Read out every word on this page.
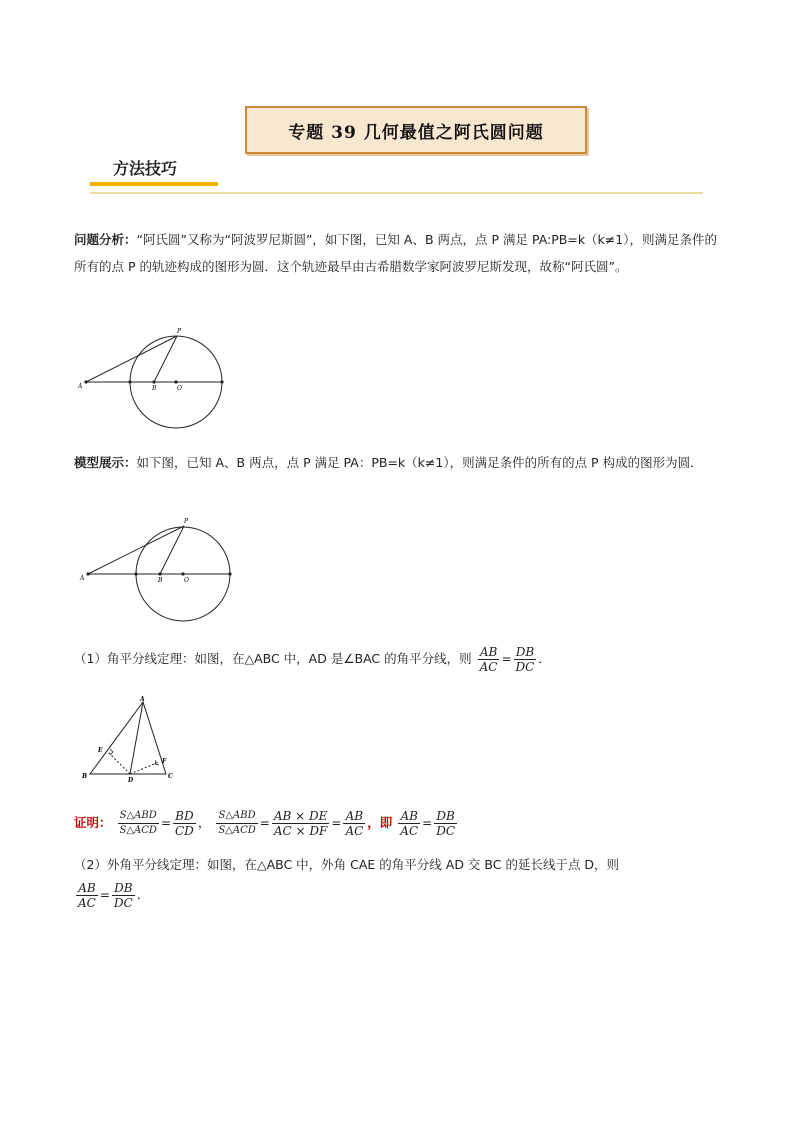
专题 39 几何最值之阿氏圆问题
方法技巧
问题分析：“阿氏圆”又称为“阿波罗尼斯圆”，如下图，已知 A、B 两点，点 P 满足 PA:PB=k（k≠1），则满足条件的所有的点 P 的轨迹构成的图形为圆．这个轨迹最早由古希腊数学家阿波罗尼斯发现，故称“阿氏圆”。
P
A	B	O
模型展示：如下图，已知 A、B 两点，点 P 满足 PA：PB=k（k≠1），则满足条件的所有的点 P 构成的图形为圆．
P
A	B	O
（1）角平分线定理：如图，在△ABC 中，AD 是∠BAC 的角平分线，则 $\frac{AB}{AC} = \frac{DB}{DC}$ ．
A
B	C
D
E
F
证明： $\frac{\text{S△ABD}}{\text{S△ACD}} = \frac{BD}{CD}$ ， $\frac{\text{S△ABD}}{\text{S△ACD}} = \frac{AB \times DE}{AC \times DF} = \frac{AB}{AC}$ ，即 $\frac{AB}{AC} = \frac{DB}{DC}$
（2）外角平分线定理：如图，在△ABC 中，外角 CAE 的角平分线 AD 交 BC 的延长线于点 D，则

$\frac{AB}{AC} = \frac{DB}{DC}$ ．
